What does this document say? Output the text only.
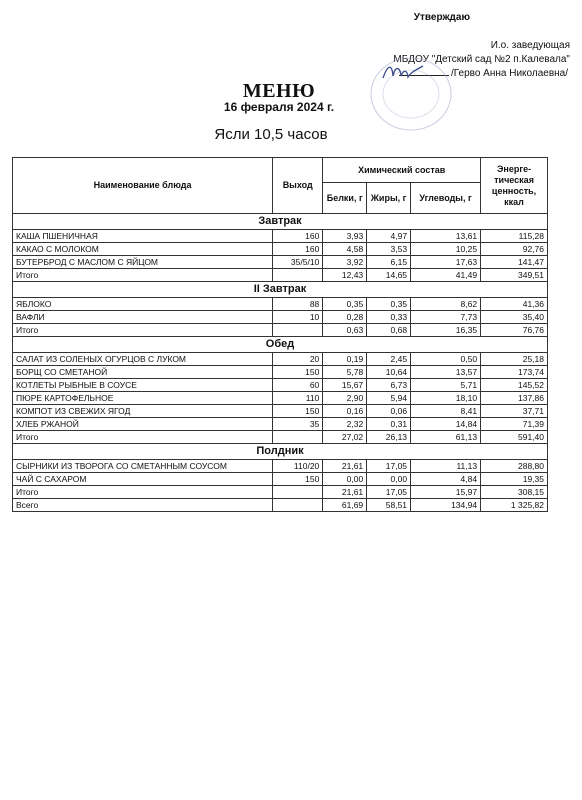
Утверждаю
И.о. заведующая
МБДОУ "Детский сад №2 п.Калевала"
/Герво Анна Николаевна/
МЕНЮ
16 февраля 2024 г.
Ясли 10,5 часов
Наименование блюда	Выход	Химический состав			Энерге-тическая ценность, ккал
		Белки, г	Жиры, г	Углеводы, г	
Завтрак					
КАША ПШЕНИЧНАЯ	160	3,93	4,97	13,61	115,28
КАКАО С МОЛОКОМ	160	4,58	3,53	10,25	92,76
БУТЕРБРОД С МАСЛОМ С ЯЙЦОМ	35/5/10	3,92	6,15	17,63	141,47
Итого		12,43	14,65	41,49	349,51
II Завтрак					
ЯБЛОКО	88	0,35	0,35	8,62	41,36
ВАФЛИ	10	0,28	0,33	7,73	35,40
Итого		0,63	0,68	16,35	76,76
Обед					
САЛАТ ИЗ СОЛЕНЫХ ОГУРЦОВ С ЛУКОМ	20	0,19	2,45	0,50	25,18
БОРЩ СО СМЕТАНОЙ	150	5,78	10,64	13,57	173,74
КОТЛЕТЫ РЫБНЫЕ В СОУСЕ	60	15,67	6,73	5,71	145,52
ПЮРЕ КАРТОФЕЛЬНОЕ	110	2,90	5,94	18,10	137,86
КОМПОТ ИЗ СВЕЖИХ ЯГОД	150	0,16	0,06	8,41	37,71
ХЛЕБ РЖАНОЙ	35	2,32	0,31	14,84	71,39
Итого		27,02	26,13	61,13	591,40
Полдник					
СЫРНИКИ ИЗ ТВОРОГА СО СМЕТАННЫМ СОУСОМ	110/20	21,61	17,05	11,13	288,80
ЧАЙ С САХАРОМ	150	0,00	0,00	4,84	19,35
Итого		21,61	17,05	15,97	308,15
Всего		61,69	58,51	134,94	1 325,82
